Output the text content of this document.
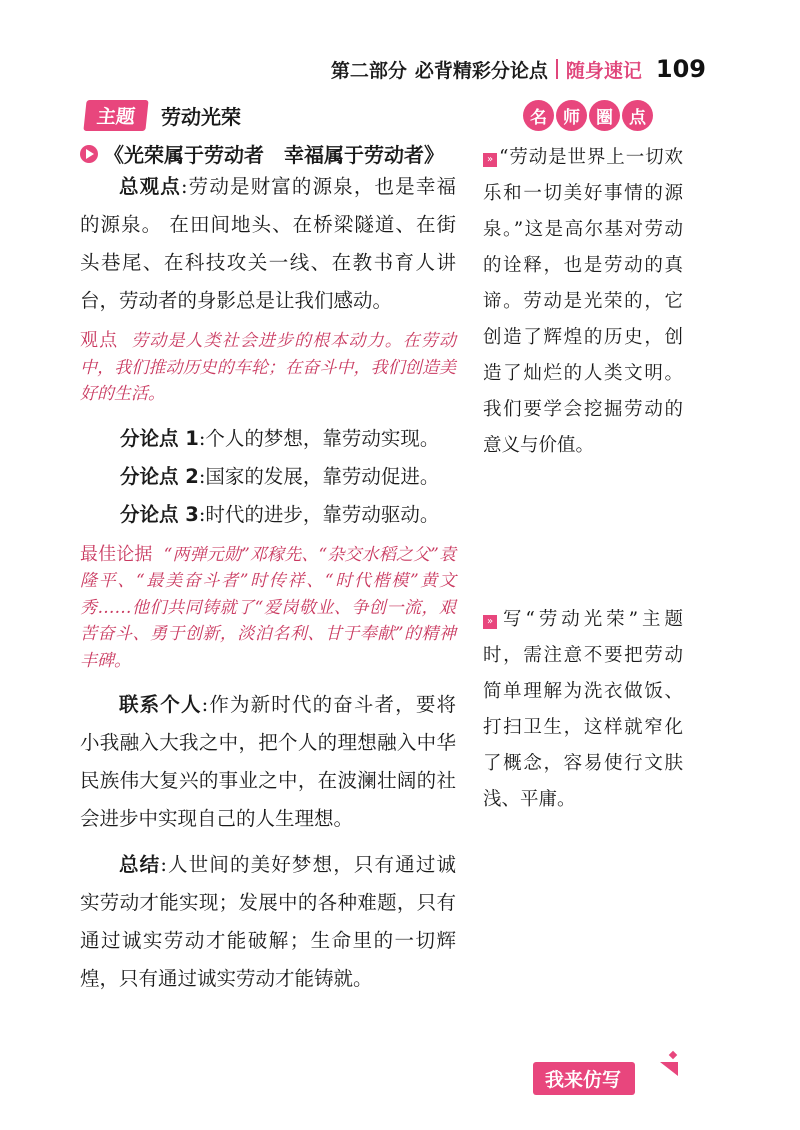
第二部分 必背精彩分论点 随身速记 109
主题	劳动光荣
《光荣属于劳动者　幸福属于劳动者》

总观点:劳动是财富的源泉，也是幸福的源泉。 在田间地头、在桥梁隧道、在街头巷尾、在科技攻关一线、在教书育人讲台，劳动者的身影总是让我们感动。

观点 劳动是人类社会进步的根本动力。在劳动中，我们推动历史的车轮；在奋斗中，我们创造美好的生活。

分论点 1:个人的梦想，靠劳动实现。

分论点 2:国家的发展，靠劳动促进。

分论点 3:时代的进步，靠劳动驱动。

最佳论据 “两弹元勋”邓稼先、“杂交水稻之父”袁隆平、“最美奋斗者”时传祥、“时代楷模”黄文秀……他们共同铸就了“爱岗敬业、争创一流，艰苦奋斗、勇于创新，淡泊名利、甘于奉献”的精神丰碑。

联系个人:作为新时代的奋斗者，要将小我融入大我之中，把个人的理想融入中华民族伟大复兴的事业之中，在波澜壮阔的社会进步中实现自己的人生理想。

总结:人世间的美好梦想，只有通过诚实劳动才能实现；发展中的各种难题，只有通过诚实劳动才能破解；生命里的一切辉煌，只有通过诚实劳动才能铸就。

名 师 圈 点
» “劳动是世界上一切欢乐和一切美好事情的源泉。”这是高尔基对劳动的诠释，也是劳动的真谛。劳动是光荣的，它创造了辉煌的历史，创造了灿烂的人类文明。我们要学会挖掘劳动的意义与价值。
» 写“劳动光荣”主题时，需注意不要把劳动简单理解为洗衣做饭、打扫卫生，这样就窄化了概念，容易使行文肤浅、平庸。
我来仿写
